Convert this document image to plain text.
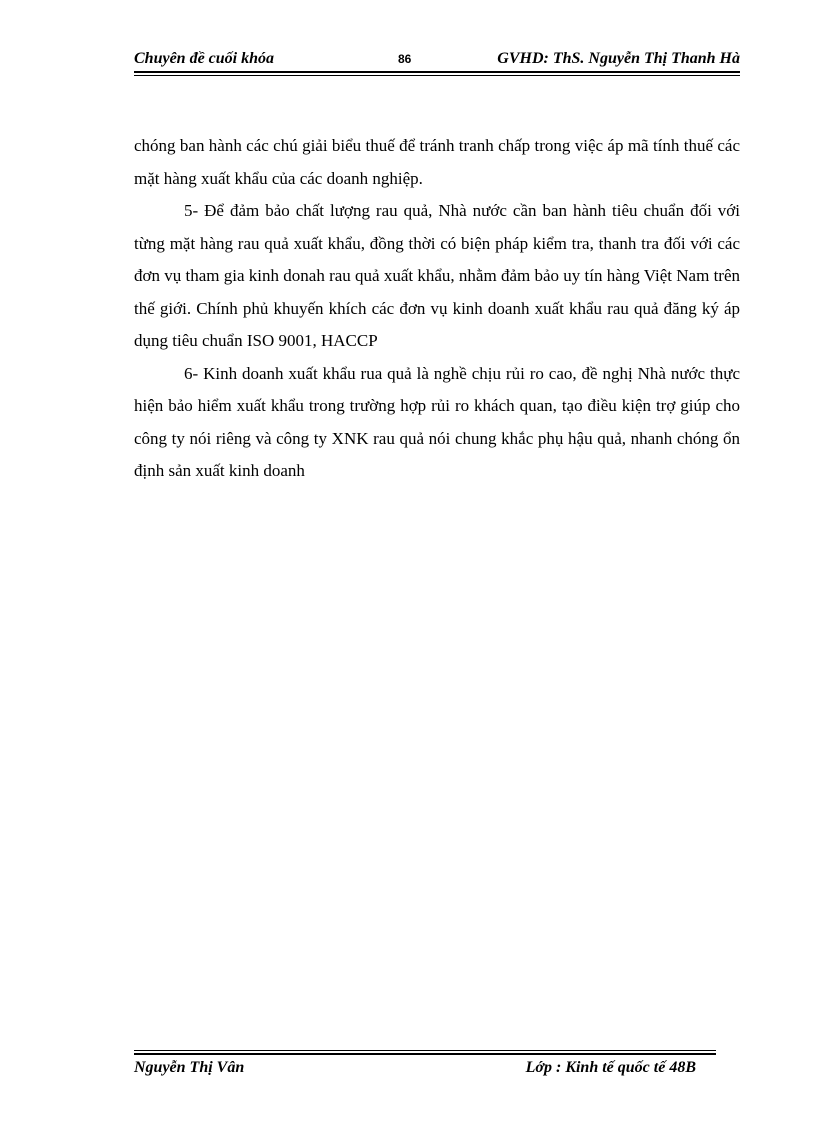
Chuyên đề cuối khóa	86	GVHD: ThS. Nguyễn Thị Thanh Hà

chóng ban hành các chú giải biểu thuế để tránh tranh chấp trong việc áp mã tính thuế các mặt hàng xuất khẩu của các doanh nghiệp.

5- Để đảm bảo chất lượng rau quả, Nhà nước cần ban hành tiêu chuẩn đối với từng mặt hàng rau quả xuất khẩu, đồng thời có biện pháp kiểm tra, thanh tra đối với các đơn vụ tham gia kinh donah rau quả xuất khẩu, nhằm đảm bảo uy tín hàng Việt Nam trên thế giới. Chính phủ khuyến khích các đơn vụ kinh doanh xuất khẩu rau quả đăng ký áp dụng tiêu chuẩn ISO 9001, HACCP

6- Kinh doanh xuất khẩu rua quả là nghề chịu rủi ro cao, đề nghị Nhà nước thực hiện bảo hiểm xuất khẩu trong trường hợp rủi ro khách quan, tạo điều kiện trợ giúp cho công ty nói riêng và công ty XNK rau quả nói chung khắc phụ hậu quả, nhanh chóng ổn định sản xuất kinh doanh

Nguyễn Thị Vân	Lớp : Kinh tế quốc tế 48B
